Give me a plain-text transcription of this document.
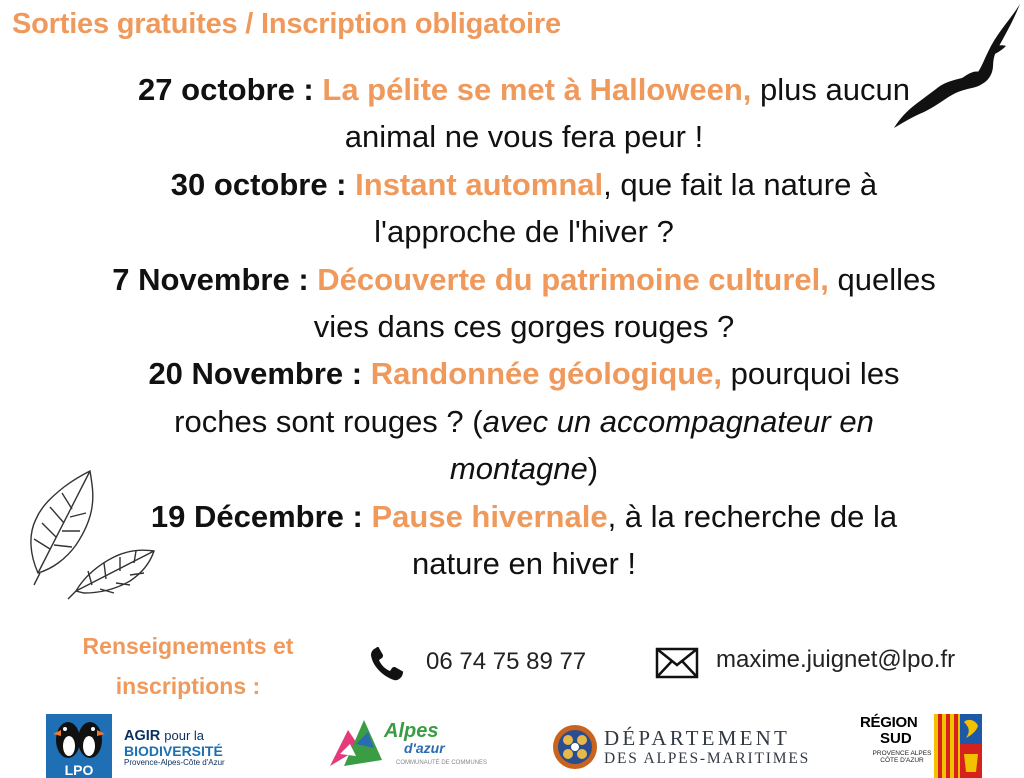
Sorties gratuites / Inscription obligatoire

27 octobre : La pélite se met à Halloween, plus aucun animal ne vous fera peur !

30 octobre : Instant automnal, que fait la nature à l'approche de l'hiver ?

7 Novembre : Découverte du patrimoine culturel, quelles vies dans ces gorges rouges ?

20 Novembre : Randonnée géologique, pourquoi les roches sont rouges ? (avec un accompagnateur en montagne)

19 Décembre : Pause hivernale, à la recherche de la nature en hiver !

Renseignements et inscriptions :
06 74 75 89 77	maxime.juignet@lpo.fr
LPO
AGIR pour la
BIODIVERSITÉ
Provence-Alpes-Côte d'Azur
Alpes
d'azur
COMMUNAUTÉ DE COMMUNES
DÉPARTEMENT
DES ALPES-MARITIMES
RÉGION
SUD
PROVENCE ALPES CÔTE D'AZUR
